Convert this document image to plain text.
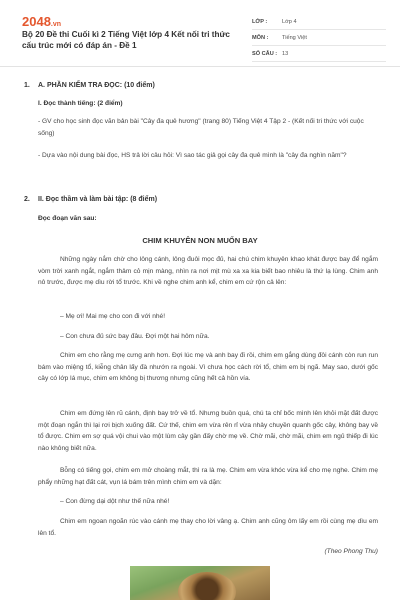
2048.vn
Bộ 20 Đề thi Cuối kì 2 Tiếng Việt lớp 4 Kết nối tri thức cấu trúc mới có đáp án - Đề 1
LỚP :	Lớp 4
MÔN :	Tiếng Việt
SỐ CÂU : 13
1. A. PHẦN KIỂM TRA ĐỌC: (10 điểm)
I. Đọc thành tiếng: (2 điểm)
- GV cho học sinh đọc văn bản bài "Cây đa quê hương" (trang 80) Tiếng Việt 4 Tập 2 - (Kết nối tri thức với cuộc sống)
- Dựa vào nội dung bài đọc, HS trả lời câu hỏi: Vì sao tác giả gọi cây đa quê mình là "cây đa nghìn năm"?
2. II. Đọc thầm và làm bài tập: (8 điểm)
Đọc đoạn văn sau:
CHIM KHUYÊN NON MUỐN BAY
Những ngày nắm chờ cho lông cánh, lông đuôi mọc đủ, hai chú chim khuyên khao khát được bay để ngắm vòm trời xanh ngắt, ngắm thảm cỏ mịn màng, nhìn ra nơi mịt mù xa xa kia biết bao nhiêu là thứ lạ lùng. Chim anh nô trước, được mẹ dìu rời tổ trước. Khi về nghe chim anh kể, chim em cứ rộn cả lên:
– Mẹ ơi! Mai mẹ cho con đi với nhé!
– Con chưa đủ sức bay đâu. Đợi một hai hôm nữa.
Chim em cho rằng mẹ cưng anh hơn. Đợi lúc mẹ và anh bay đi rồi, chim em gắng dùng đôi cánh còn run run bám vào miệng tổ, kiễng chân lấy đà nhướn ra ngoài. Vì chưa học cách rời tổ, chim em bị ngã. May sao, dưới gốc cây có lớp lá mục, chim em không bị thương nhưng cũng hết cả hồn vía.
Chim em đứng lên rũ cánh, định bay trở về tổ. Nhưng buồn quá, chú ta chỉ bốc mình lên khỏi mặt đất được một đoạn ngắn thì lại rơi bịch xuống đất. Cứ thế, chim em vừa rên rỉ vừa nhảy chuyền quanh gốc cây, không bay về tổ được. Chim em sợ quá vội chui vào một lùm cây gần đấy chờ mẹ về. Chờ mãi, chờ mãi, chim em ngủ thiếp đi lúc nào không biết nữa.
Bỗng có tiếng gọi, chim em mở choàng mắt, thì ra là mẹ. Chim em vừa khóc vừa kể cho mẹ nghe. Chim mẹ phẩy những hạt đất cát, vụn lá bám trên mình chim em và dặn:
– Con đừng dại dột như thế nữa nhé!
Chim em ngoan ngoãn rúc vào cánh mẹ thay cho lời vâng ạ. Chim anh cũng ôm lấy em rồi cùng mẹ dìu em lên tổ.
(Theo Phong Thu)
